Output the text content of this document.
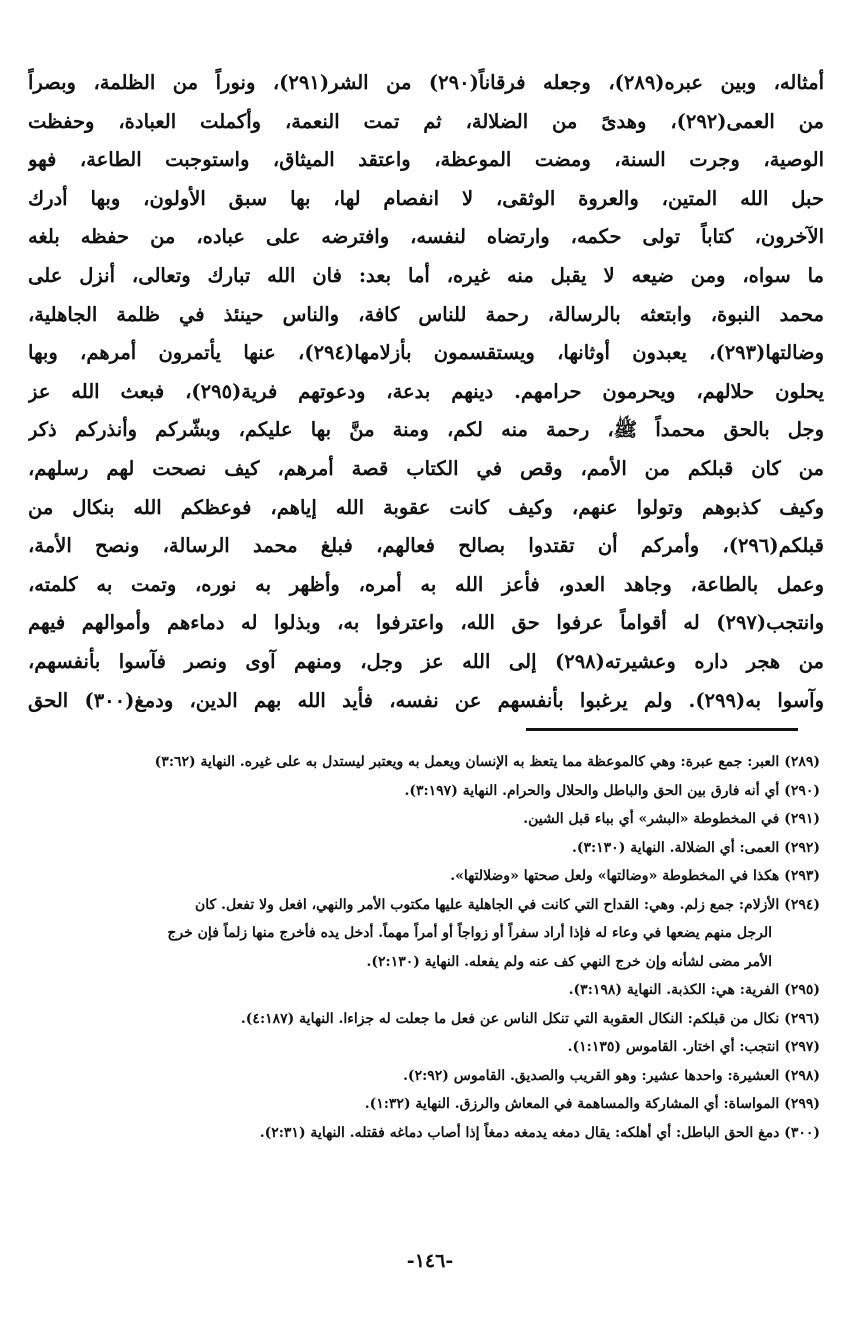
أمثاله، وبين عبره(٢٨٩)، وجعله فرقاناً(٢٩٠) من الشر(٢٩١)، ونوراً من الظلمة، وبصراً
من العمى(٢٩٢)، وهدىً من الضلالة، ثم تمت النعمة، وأكملت العبادة، وحفظت
الوصية، وجرت السنة، ومضت الموعظة، واعتقد الميثاق، واستوجبت الطاعة، فهو
حبل الله المتين، والعروة الوثقى، لا انفصام لها، بها سبق الأولون، وبها أدرك
الآخرون، كتاباً تولى حكمه، وارتضاه لنفسه، وافترضه على عباده، من حفظه بلغه
ما سواه، ومن ضيعه لا يقبل منه غيره، أما بعد: فان الله تبارك وتعالى، أنزل على
محمد النبوة، وابتعثه بالرسالة، رحمة للناس كافة، والناس حينئذ في ظلمة الجاهلية،
وضالتها(٢٩٣)، يعبدون أوثانها، ويستقسمون بأزلامها(٢٩٤)، عنها يأتمرون أمرهم، وبها
يحلون حلالهم، ويحرمون حرامهم. دينهم بدعة، ودعوتهم فرية(٢٩٥)، فبعث الله عز
وجل بالحق محمداً ﷺ، رحمة منه لكم، ومنة منَّ بها عليكم، وبشّركم وأنذركم ذكر
من كان قبلكم من الأمم، وقص في الكتاب قصة أمرهم، كيف نصحت لهم رسلهم،
وكيف كذبوهم وتولوا عنهم، وكيف كانت عقوبة الله إياهم، فوعظكم الله بنكال من
قبلكم(٢٩٦)، وأمركم أن تقتدوا بصالح فعالهم، فبلغ محمد الرسالة، ونصح الأمة،
وعمل بالطاعة، وجاهد العدو، فأعز الله به أمره، وأظهر به نوره، وتمت به كلمته،
وانتجب(٢٩٧) له أقواماً عرفوا حق الله، واعترفوا به، وبذلوا له دماءهم وأموالهم فيهم
من هجر داره وعشيرته(٢٩٨) إلى الله عز وجل، ومنهم آوى ونصر فآسوا بأنفسهم،
وآسوا به(٢٩٩). ولم يرغبوا بأنفسهم عن نفسه، فأيد الله بهم الدين، ودمغ(٣٠٠) الحق
(٢٨٩) العبر: جمع عبرة: وهي كالموعظة مما يتعظ به الإنسان ويعمل به ويعتبر ليستدل به على غيره. النهاية (٣:٦٢)
(٢٩٠) أي أنه فارق بين الحق والباطل والحلال والحرام. النهاية (٣:١٩٧).
(٢٩١) في المخطوطة «البشر» أي بباء قبل الشين.
(٢٩٢) العمى: أي الضلالة. النهاية (٣:١٣٠).
(٢٩٣) هكذا في المخطوطة «وضالتها» ولعل صحتها «وضلالتها».
(٢٩٤) الأزلام: جمع زلم. وهي: القداح التي كانت في الجاهلية عليها مكتوب الأمر والنهي، افعل ولا تفعل. كان
الرجل منهم يضعها في وعاء له فإذا أراد سفراً أو زواجاً أو أمراً مهماً. أدخل يده فأخرج منها زلماً فإن خرج
الأمر مضى لشأنه وإن خرج النهي كف عنه ولم يفعله. النهاية (٢:١٣٠).
(٢٩٥) الفرية: هي: الكذبة. النهاية (٣:١٩٨).
(٢٩٦) نكال من قبلكم: النكال العقوبة التي تنكل الناس عن فعل ما جعلت له جزاءا. النهاية (٤:١٨٧).
(٢٩٧) انتجب: أي اختار. القاموس (١:١٣٥).
(٢٩٨) العشيرة: واحدها عشير: وهو القريب والصديق. القاموس (٢:٩٢).
(٢٩٩) المواساة: أي المشاركة والمساهمة في المعاش والرزق. النهاية (١:٣٢).
(٣٠٠) دمغ الحق الباطل: أي أهلكه: يقال دمغه يدمغه دمغاً إذا أصاب دماغه فقتله. النهاية (٢:٣١).
-١٤٦-
